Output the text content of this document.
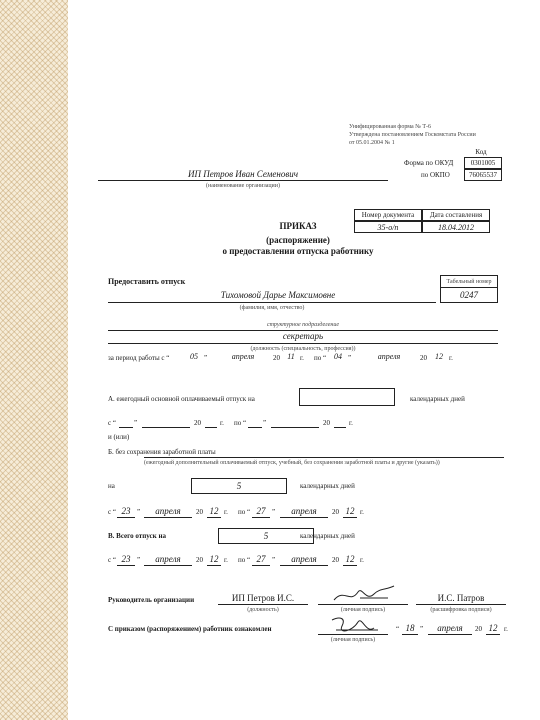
Унифицированная форма № Т-6
Утверждена постановлением Госкомстата России
от 05.01.2004 № 1
Код
Форма по ОКУД	0301005
по ОКПО	76065537
ИП Петров Иван Семенович
(наименование организации)
Номер документа	Дата составления
35-о/п	18.04.2012
ПРИКАЗ
(распоряжение)
о предоставлении отпуска работнику
Предоставить отпуск	Табельный номер
0247
Тихомовой Дарье Максимовне
(фамилия, имя, отчество)
структурное подразделение
секретарь
(должность (специальность, профессия))
за период работы с “	05 ”	апреля	20 11 г. по “ 04 ”	апреля	20	12 г.
А. ежегодный основной оплачиваемый отпуск на	календарных дней
с “	”	20	г. по “ ”	20	г.
и (или)
Б. без сохранения заработной платы
(ежегодный дополнительный оплачиваемый отпуск, учебный, без сохранения заработной платы и другие (указать))
на	5	календарных дней
с “ 23 ”	апреля	20 12 г. по “ 27 ”	апреля	20 12 г.
В. Всего отпуск на	5	календарных дней
с “ 23 ”	апреля	20 12 г. по “ 27 ”	апреля	20 12 г.
Руководитель организации	ИП Петров И.С.
(должность)	(личная подпись)
И.С. Патров
(расшифровка подписи)
С приказом (распоряжением) работник ознакомлен
(личная подпись)
“ 18 ”	апреля	20 12 г.
